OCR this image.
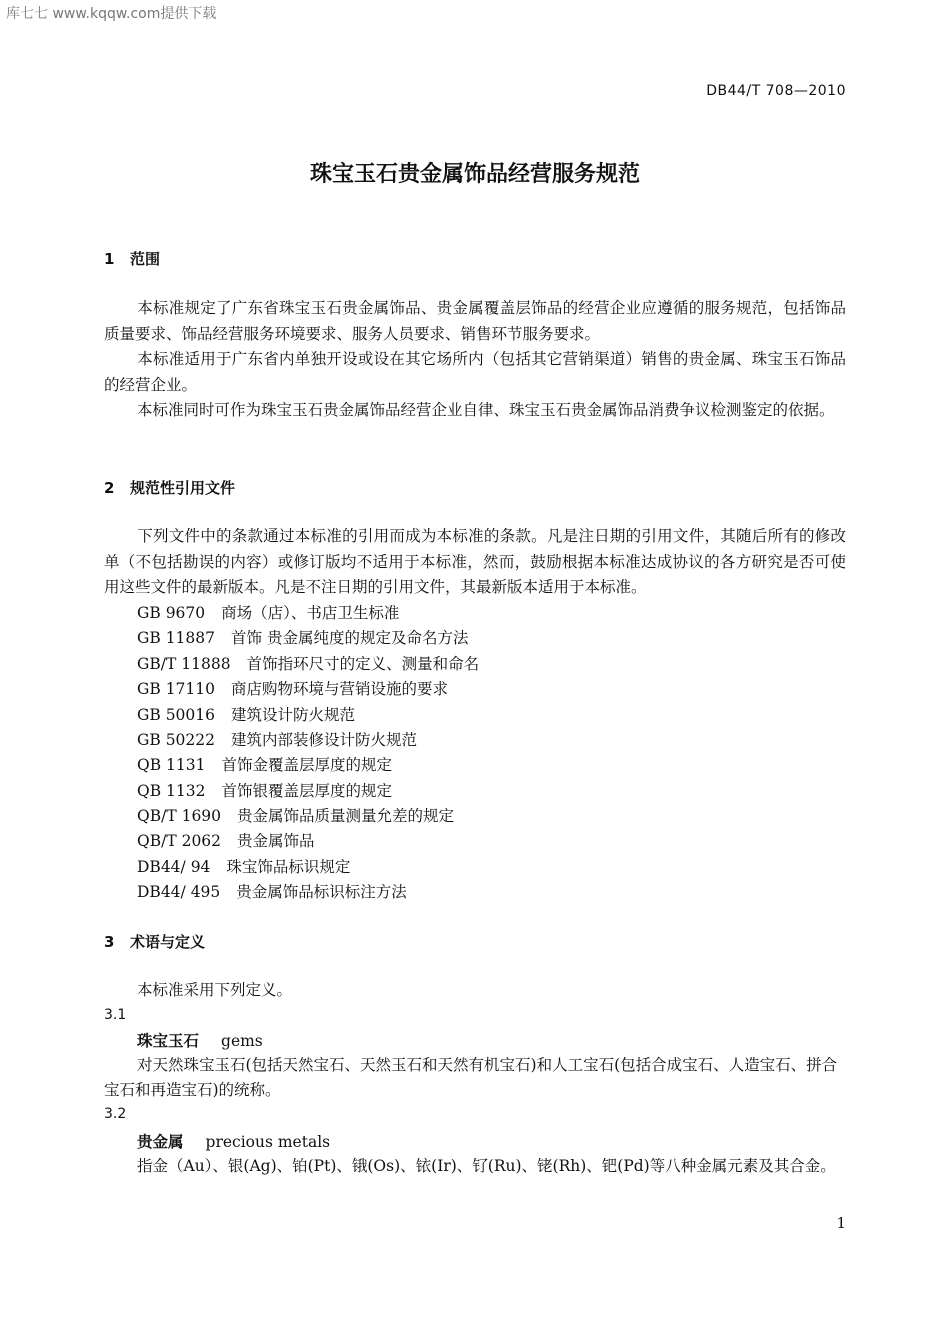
库七七 www.kqqw.com提供下载
DB44/T 708—2010
珠宝玉石贵金属饰品经营服务规范
1 范围
本标准规定了广东省珠宝玉石贵金属饰品、贵金属覆盖层饰品的经营企业应遵循的服务规范，包括饰品质量要求、饰品经营服务环境要求、服务人员要求、销售环节服务要求。
本标准适用于广东省内单独开设或设在其它场所内（包括其它营销渠道）销售的贵金属、珠宝玉石饰品的经营企业。
本标准同时可作为珠宝玉石贵金属饰品经营企业自律、珠宝玉石贵金属饰品消费争议检测鉴定的依据。
2 规范性引用文件
下列文件中的条款通过本标准的引用而成为本标准的条款。凡是注日期的引用文件，其随后所有的修改单（不包括勘误的内容）或修订版均不适用于本标准，然而，鼓励根据本标准达成协议的各方研究是否可使用这些文件的最新版本。凡是不注日期的引用文件，其最新版本适用于本标准。
GB 9670 商场（店）、书店卫生标准
GB 11887 首饰 贵金属纯度的规定及命名方法
GB/T 11888 首饰指环尺寸的定义、测量和命名
GB 17110 商店购物环境与营销设施的要求
GB 50016 建筑设计防火规范
GB 50222 建筑内部装修设计防火规范
QB 1131 首饰金覆盖层厚度的规定
QB 1132 首饰银覆盖层厚度的规定
QB/T 1690 贵金属饰品质量测量允差的规定
QB/T 2062 贵金属饰品
DB44/ 94 珠宝饰品标识规定
DB44/ 495 贵金属饰品标识标注方法
3 术语与定义
本标准采用下列定义。
3.1
珠宝玉石 gems
对天然珠宝玉石(包括天然宝石、天然玉石和天然有机宝石)和人工宝石(包括合成宝石、人造宝石、拼合宝石和再造宝石)的统称。
3.2
贵金属 precious metals
指金（Au）、银(Ag)、铂(Pt)、锇(Os)、铱(Ir)、钌(Ru)、铑(Rh)、钯(Pd)等八种金属元素及其合金。
1
